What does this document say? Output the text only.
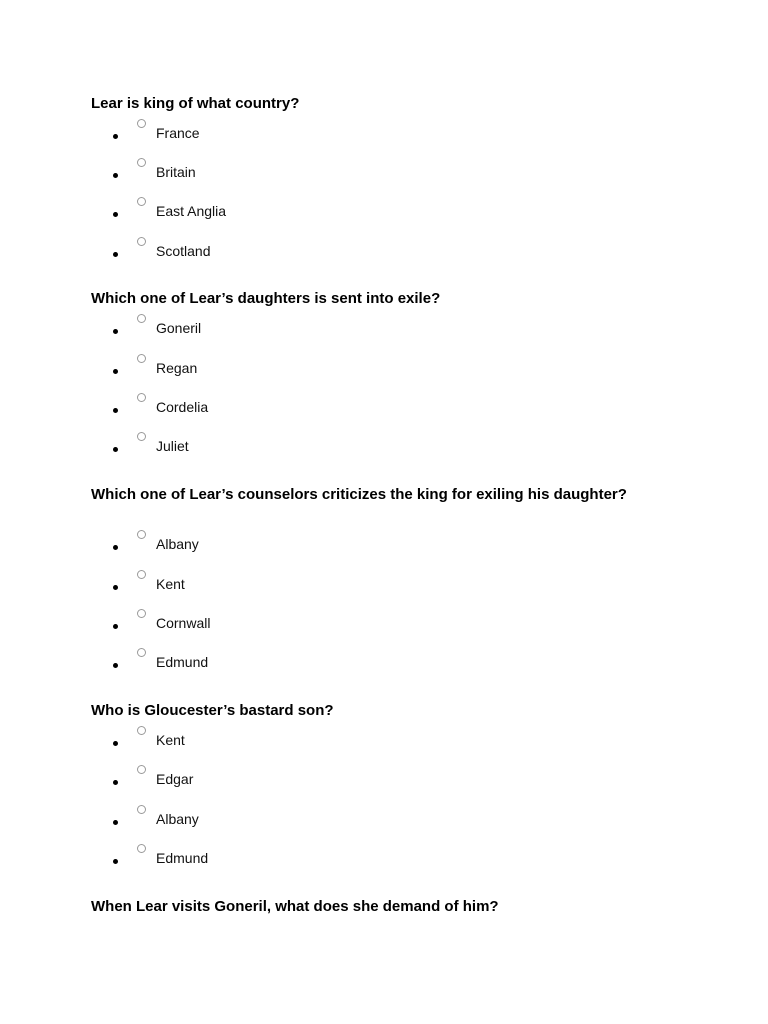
Lear is king of what country?

France
Britain
East Anglia
Scotland

Which one of Lear’s daughters is sent into exile?

Goneril
Regan
Cordelia
Juliet

Which one of Lear’s counselors criticizes the king for exiling his daughter?

Albany
Kent
Cornwall
Edmund

Who is Gloucester’s bastard son?

Kent
Edgar
Albany
Edmund

When Lear visits Goneril, what does she demand of him?
